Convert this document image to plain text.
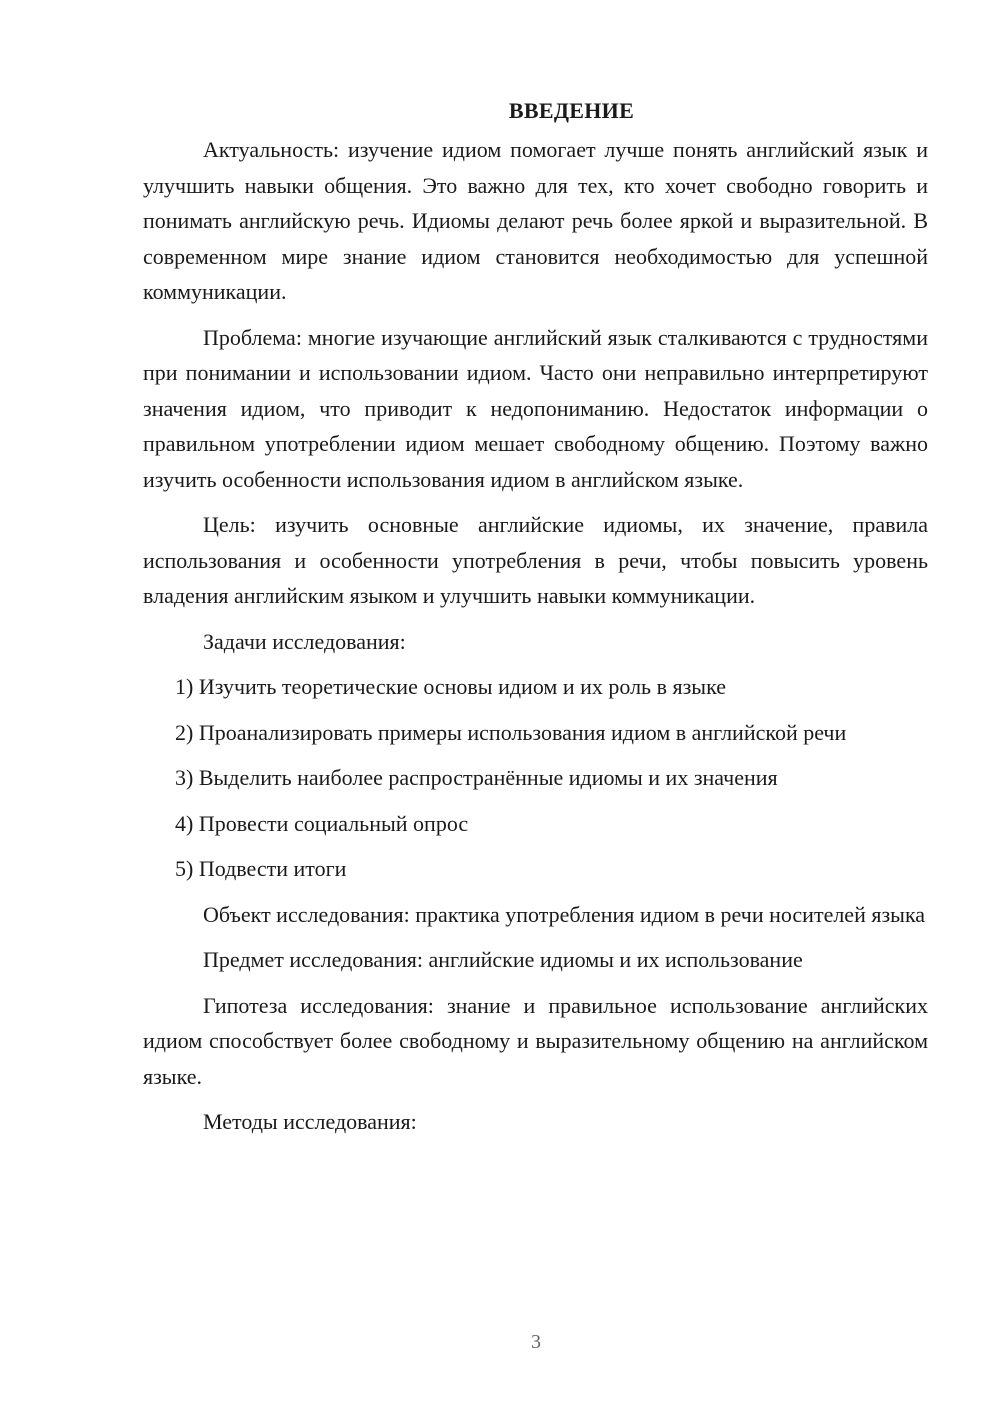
ВВЕДЕНИЕ

Актуальность: изучение идиом помогает лучше понять английский язык и улучшить навыки общения. Это важно для тех, кто хочет свободно говорить и понимать английскую речь. Идиомы делают речь более яркой и выразительной. В современном мире знание идиом становится необходимостью для успешной коммуникации.

Проблема: многие изучающие английский язык сталкиваются с трудностями при понимании и использовании идиом. Часто они неправильно интерпретируют значения идиом, что приводит к недопониманию. Недостаток информации о правильном употреблении идиом мешает свободному общению. Поэтому важно изучить особенности использования идиом в английском языке.

Цель: изучить основные английские идиомы, их значение, правила использования и особенности употребления в речи, чтобы повысить уровень владения английским языком и улучшить навыки коммуникации.

Задачи исследования:

1) Изучить теоретические основы идиом и их роль в языке

2) Проанализировать примеры использования идиом в английской речи

3) Выделить наиболее распространённые идиомы и их значения

4) Провести социальный опрос

5) Подвести итоги

Объект исследования: практика употребления идиом в речи носителей языка

Предмет исследования: английские идиомы и их использование

Гипотеза исследования: знание и правильное использование английских идиом способствует более свободному и выразительному общению на английском языке.

Методы исследования:

3
